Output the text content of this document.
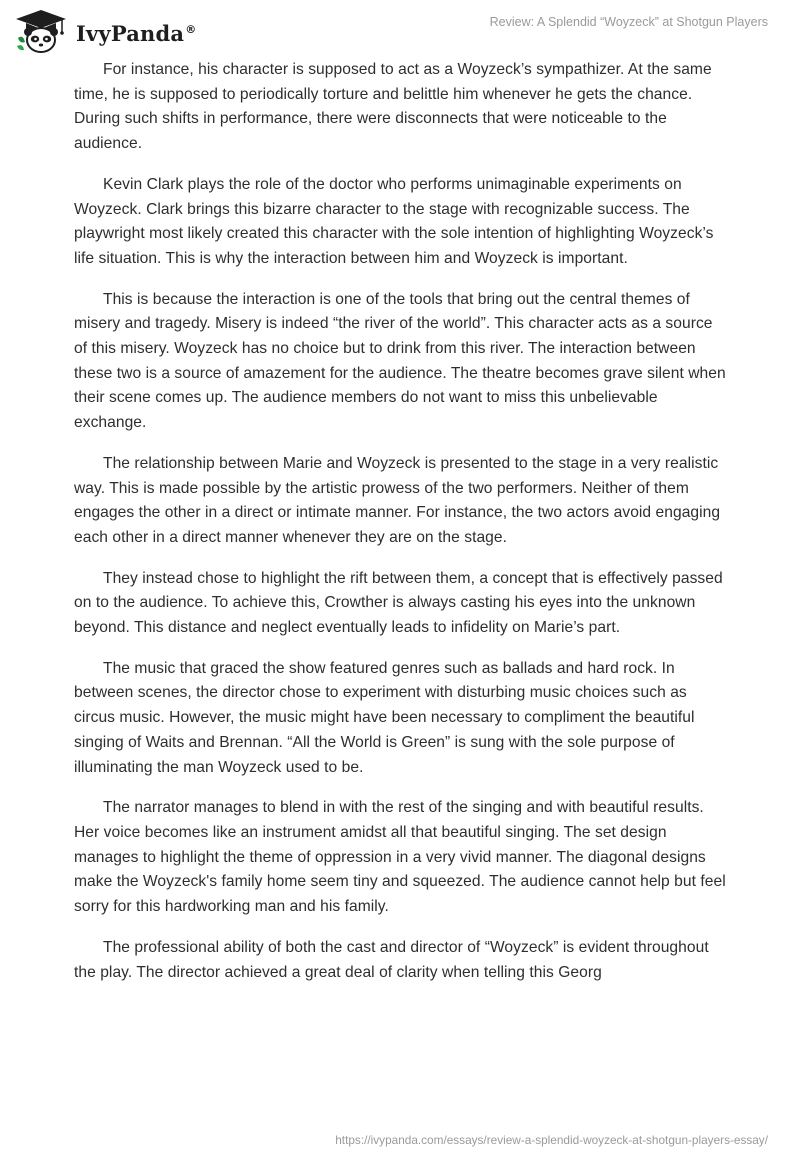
IvyPanda®	Review: A Splendid “Woyzeck” at Shotgun Players

For instance, his character is supposed to act as a Woyzeck’s sympathizer. At the same time, he is supposed to periodically torture and belittle him whenever he gets the chance. During such shifts in performance, there were disconnects that were noticeable to the audience.

Kevin Clark plays the role of the doctor who performs unimaginable experiments on Woyzeck. Clark brings this bizarre character to the stage with recognizable success. The playwright most likely created this character with the sole intention of highlighting Woyzeck’s life situation. This is why the interaction between him and Woyzeck is important.

This is because the interaction is one of the tools that bring out the central themes of misery and tragedy. Misery is indeed “the river of the world”. This character acts as a source of this misery. Woyzeck has no choice but to drink from this river. The interaction between these two is a source of amazement for the audience. The theatre becomes grave silent when their scene comes up. The audience members do not want to miss this unbelievable exchange.

The relationship between Marie and Woyzeck is presented to the stage in a very realistic way. This is made possible by the artistic prowess of the two performers. Neither of them engages the other in a direct or intimate manner. For instance, the two actors avoid engaging each other in a direct manner whenever they are on the stage.

They instead chose to highlight the rift between them, a concept that is effectively passed on to the audience. To achieve this, Crowther is always casting his eyes into the unknown beyond. This distance and neglect eventually leads to infidelity on Marie’s part.

The music that graced the show featured genres such as ballads and hard rock. In between scenes, the director chose to experiment with disturbing music choices such as circus music. However, the music might have been necessary to compliment the beautiful singing of Waits and Brennan. “All the World is Green” is sung with the sole purpose of illuminating the man Woyzeck used to be.

The narrator manages to blend in with the rest of the singing and with beautiful results. Her voice becomes like an instrument amidst all that beautiful singing. The set design manages to highlight the theme of oppression in a very vivid manner. The diagonal designs make the Woyzeck's family home seem tiny and squeezed. The audience cannot help but feel sorry for this hardworking man and his family.

The professional ability of both the cast and director of “Woyzeck” is evident throughout the play. The director achieved a great deal of clarity when telling this Georg

https://ivypanda.com/essays/review-a-splendid-woyzeck-at-shotgun-players-essay/
